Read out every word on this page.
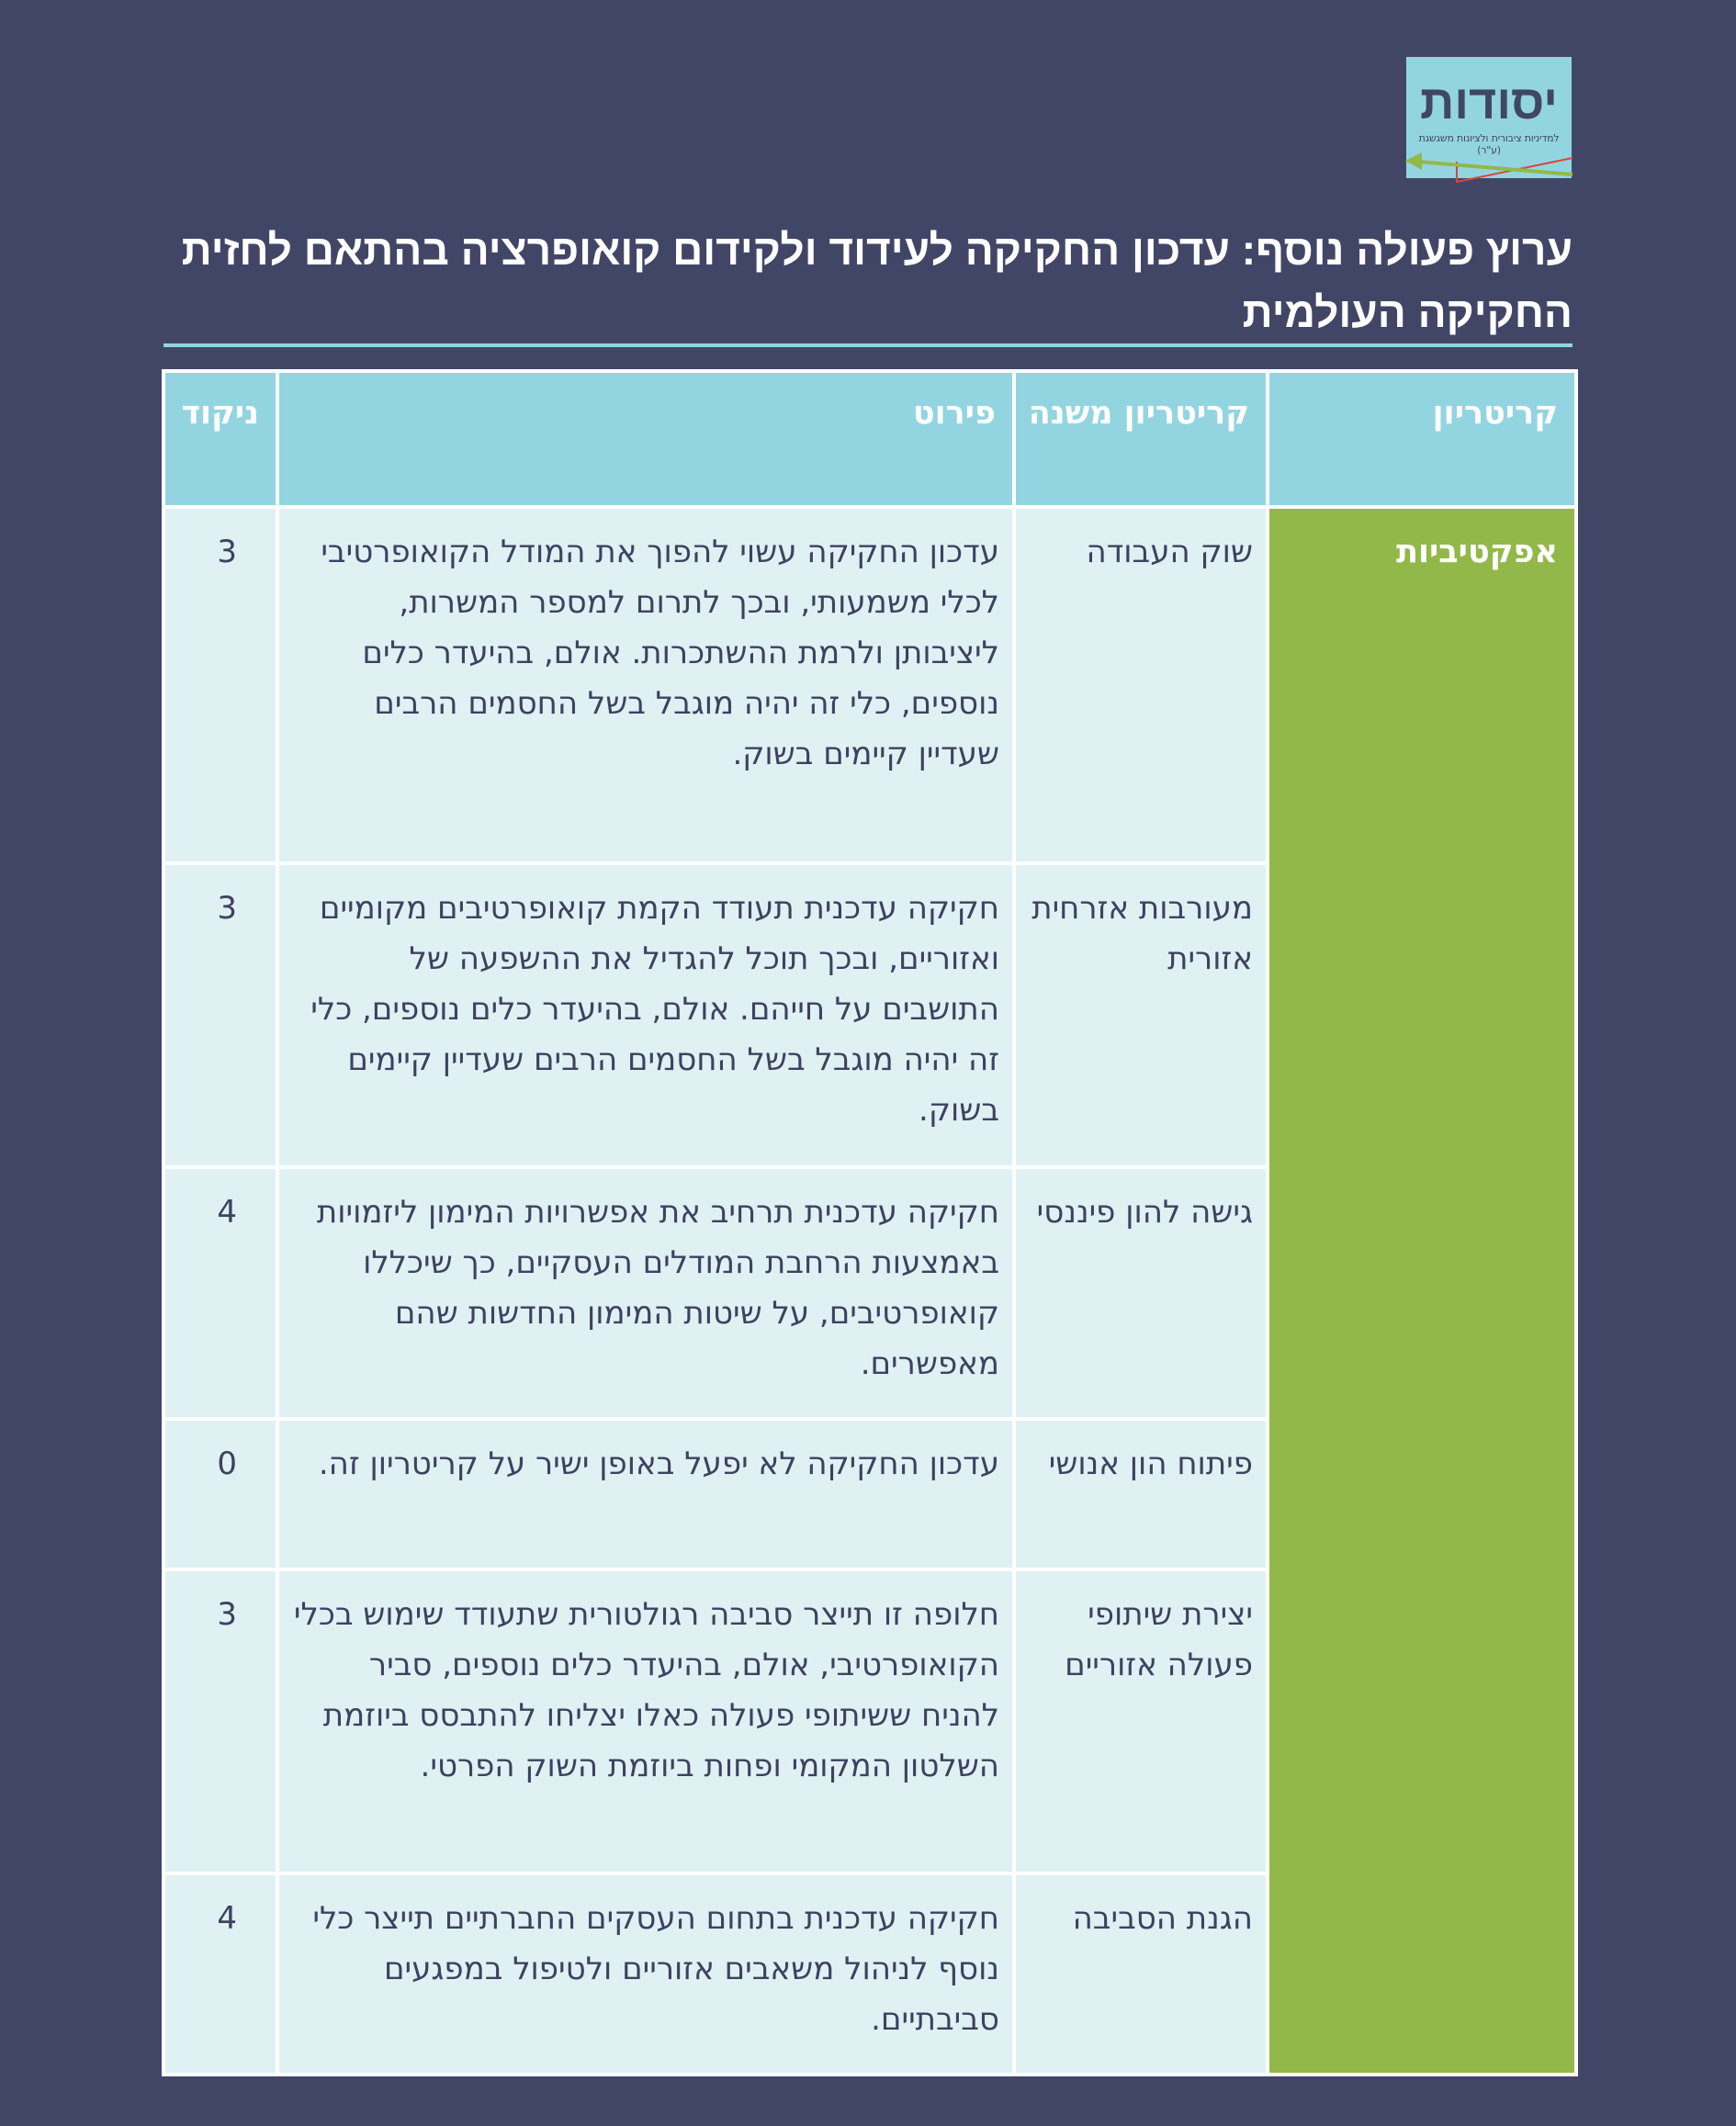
יסודות
למדיניות ציבורית ולציונות משגשגת (ע"ר)
ערוץ פעולה נוסף: עדכון החקיקה לעידוד ולקידום קואופרציה בהתאם לחזית החקיקה העולמית
קריטריון	קריטריון משנה	פירוט	ניקוד
אפקטיביות	שוק העבודה	עדכון החקיקה עשוי להפוך את המודל הקואופרטיבי לכלי משמעותי, ובכך לתרום למספר המשרות, ליציבותן ולרמת ההשתכרות. אולם, בהיעדר כלים נוספים, כלי זה יהיה מוגבל בשל החסמים הרבים שעדיין קיימים בשוק.	3
	מעורבות אזרחית אזורית	חקיקה עדכנית תעודד הקמת קואופרטיבים מקומיים ואזוריים, ובכך תוכל להגדיל את ההשפעה של התושבים על חייהם. אולם, בהיעדר כלים נוספים, כלי זה יהיה מוגבל בשל החסמים הרבים שעדיין קיימים בשוק.	3
	גישה להון פיננסי	חקיקה עדכנית תרחיב את אפשרויות המימון ליזמויות באמצעות הרחבת המודלים העסקיים, כך שיכללו קואופרטיבים, על שיטות המימון החדשות שהם מאפשרים.	4
	פיתוח הון אנושי	עדכון החקיקה לא יפעל באופן ישיר על קריטריון זה.	0
	יצירת שיתופי פעולה אזוריים	חלופה זו תייצר סביבה רגולטורית שתעודד שימוש בכלי הקואופרטיבי, אולם, בהיעדר כלים נוספים, סביר להניח ששיתופי פעולה כאלו יצליחו להתבסס ביוזמת השלטון המקומי ופחות ביוזמת השוק הפרטי.	3
	הגנת הסביבה	חקיקה עדכנית בתחום העסקים החברתיים תייצר כלי נוסף לניהול משאבים אזוריים ולטיפול במפגעים סביבתיים.	4
